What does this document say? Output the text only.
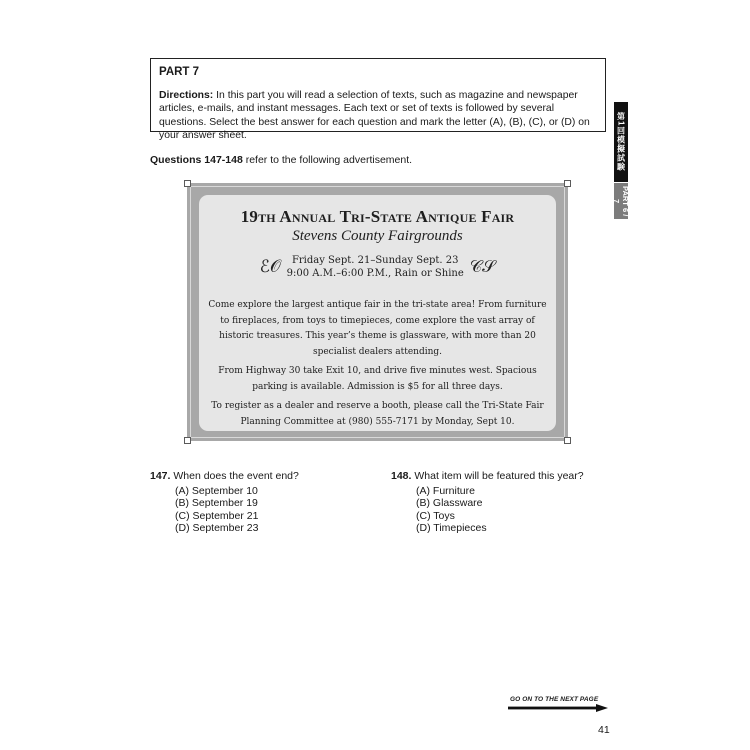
PART 7
Directions: In this part you will read a selection of texts, such as magazine and newspaper articles, e-mails, and instant messages. Each text or set of texts is followed by several questions. Select the best answer for each question and mark the letter (A), (B), (C), or (D) on your answer sheet.	第1回模擬試験
PART 6 / 7
Questions 147-148 refer to the following advertisement.
19th Annual Tri-State Antique Fair
Stevens County Fairgrounds
ℰ𝒪	Friday Sept. 21–Sunday Sept. 23
9:00 A.M.–6:00 P.M., Rain or Shine 𝒞𝒮

Come explore the largest antique fair in the tri-state area! From furniture to fireplaces, from toys to timepieces, come explore the vast array of historic treasures. This year’s theme is glassware, with more than 20 specialist dealers attending.

From Highway 30 take Exit 10, and drive five minutes west. Spacious parking is available. Admission is $5 for all three days.

To register as a dealer and reserve a booth, please call the Tri-State Fair Planning Committee at (980) 555-7171 by Monday, Sept 10.

147. When does the event end?
(A) September 10
(B) September 19
(C) September 21
(D) September 23
148. What item will be featured this year?
(A) Furniture
(B) Glassware
(C) Toys
(D) Timepieces
GO ON TO THE NEXT PAGE
41
